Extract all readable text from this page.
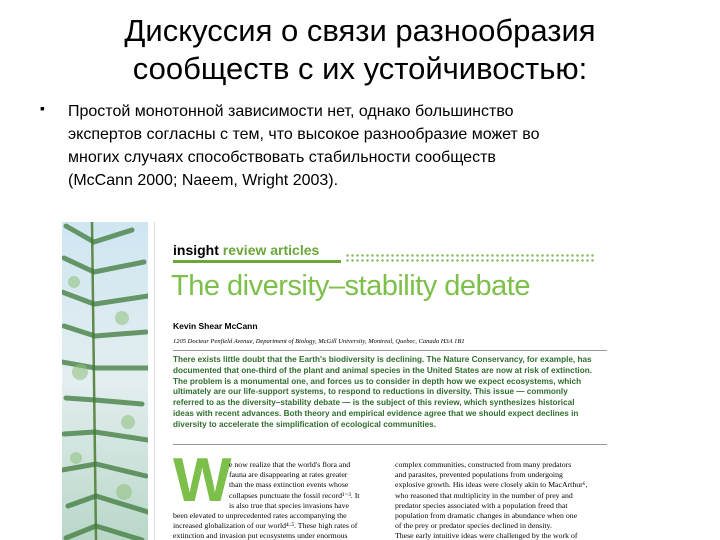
Дискуссия о связи разнообразия
сообществ с их устойчивостью:
▪ Простой монотонной зависимости нет, однако большинство
экспертов согласны с тем, что высокое разнообразие может во
многих случаях способствовать стабильности сообществ
(McCann 2000; Naeem, Wright 2003).
insight review articles
The diversity–stability debate
Kevin Shear McCann
1205 Docteur Penfield Avenue, Department of Biology, McGill University, Montreal, Quebec, Canada H3A 1B1
There exists little doubt that the Earth's biodiversity is declining. The Nature Conservancy, for example, has
documented that one-third of the plant and animal species in the United States are now at risk of extinction.
The problem is a monumental one, and forces us to consider in depth how we expect ecosystems, which
ultimately are our life-support systems, to respond to reductions in diversity. This issue — commonly
referred to as the diversity–stability debate — is the subject of this review, which synthesizes historical
ideas with recent advances. Both theory and empirical evidence agree that we should expect declines in
diversity to accelerate the simplification of ecological communities.
W
e now realize that the world's flora and
fauna are disappearing at rates greater
than the mass extinction events whose
collapses punctuate the fossil record¹⁻³. It
is also true that species invasions have
been elevated to unprecedented rates accompanying the
increased globalization of our world⁴·⁵. These high rates of
extinction and invasion put ecosystems under enormous
complex communities, constructed from many predators
and parasites, prevented populations from undergoing
explosive growth. His ideas were closely akin to MacArthur⁶,
who reasoned that multiplicity in the number of prey and
predator species associated with a population freed that
population from dramatic changes in abundance when one
of the prey or predator species declined in density.
These early intuitive ideas were challenged by the work of
